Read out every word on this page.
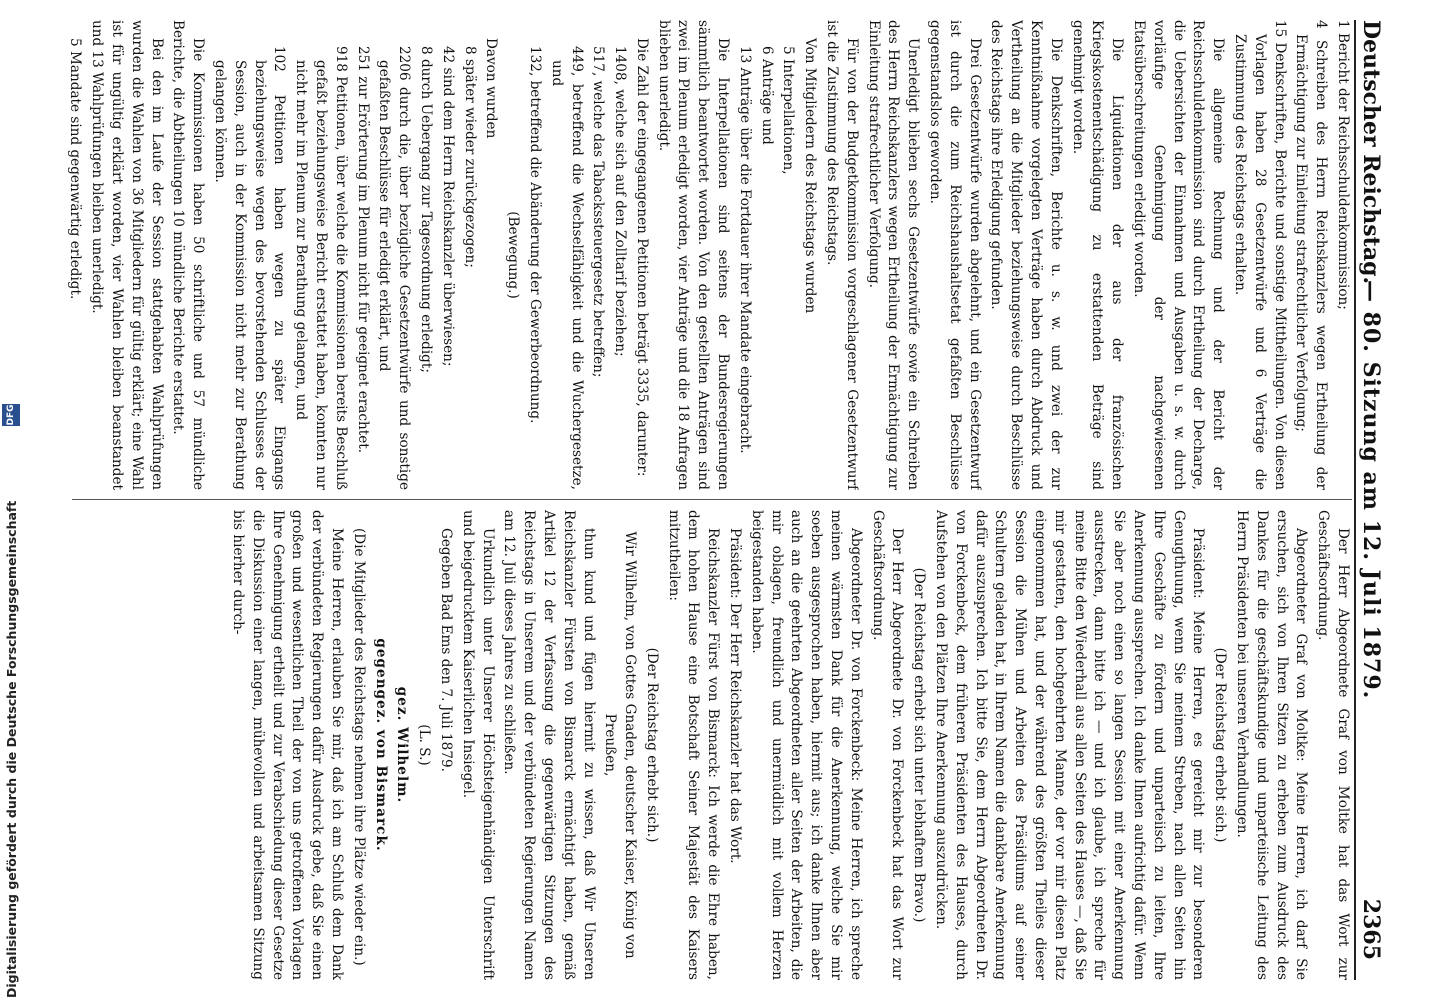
Deutscher Reichstag.
— 80. Sitzung am 12. Juli 1879.
2365

1 Bericht der Reichsschuldenkommission;

4 Schreiben des Herrn Reichskanzlers wegen Ertheilung der Ermächtigung zur Einleitung strafrechtlicher Verfolgung;

15 Denkschriften, Berichte und sonstige Mittheilungen. Von diesen Vorlagen haben 28 Gesetzentwürfe und 6 Verträge die Zustimmung des Reichstags erhalten.

Die allgemeine Rechnung und der Bericht der Reichsschuldenkommission sind durch Ertheilung der Decharge, die Uebersichten der Einnahmen und Ausgaben u. s. w. durch vorläufige Genehmigung der nachgewiesenen Etatsüberschreitungen erledigt worden.

Die Liquidationen der aus der französischen Kriegskostenentschädigung zu erstattenden Beträge sind genehmigt worden.

Die Denkschriften, Berichte u. s. w. und zwei der zur Kenntnißnahme vorgelegten Verträge haben durch Abdruck und Vertheilung an die Mitglieder beziehungsweise durch Beschlüsse des Reichstags ihre Erledigung gefunden.

Drei Gesetzentwürfe wurden abgelehnt, und ein Gesetzentwurf ist durch die zum Reichshaushaltsetat gefaßten Beschlüsse gegenstandslos geworden.

Unerledigt blieben sechs Gesetzentwürfe sowie ein Schreiben des Herrn Reichskanzlers wegen Ertheilung der Ermächtigung zur Einleitung strafrechtlicher Verfolgung.

Für von der Budgetkommission vorgeschlagener Gesetzentwurf ist die Zustimmung des Reichstags.

Von Mitgliedern des Reichstags wurden

5 Interpellationen,

6 Anträge und

13 Anträge über die Fortdauer ihrer Mandate eingebracht.

Die Interpellationen sind seitens der Bundesregierungen sämmtlich beantwortet worden. Von den gestellten Anträgen sind zwei im Plenum erledigt worden, vier Anträge und die 18 Anfragen blieben unerledigt.

Die Zahl der eingegangenen Petitionen beträgt 3335, darunter:

1408, welche sich auf den Zolltarif beziehen;

517, welche das Tabackssteuergesetz betreffen;

449, betreffend die Wechselfähigkeit und die Wuchergesetze, und

132, betreffend die Abänderung der Gewerbeordnung.

(Bewegung.)

Davon wurden

8 später wieder zurückgezogen;

42 sind dem Herrn Reichskanzler überwiesen;

8 durch Uebergang zur Tagesordnung erledigt;

2206 durch die, über bezügliche Gesetzentwürfe und sonstige gefaßten Beschlüsse für erledigt erklärt, und

251 zur Erörterung im Plenum nicht für geeignet erachtet.

918 Petitionen, über welche die Kommissionen bereits Beschluß gefaßt beziehungsweise Bericht erstattet haben, konnten nur nicht mehr im Plenum zur Berathung gelangen, und

102 Petitionen haben wegen zu später Eingangs beziehungsweise wegen des bevorstehenden Schlusses der Session, auch in der Kommission nicht mehr zur Berathung gelangen können.

Die Kommissionen haben 50 schriftliche und 57 mündliche Berichte, die Abtheilungen 10 mündliche Berichte erstattet.

Bei den im Laufe der Session stattgehabten Wahlprüfungen wurden die Wahlen von 36 Mitgliedern für gültig erklärt; eine Wahl ist für ungültig erklärt worden, vier Wahlen bleiben beanstandet und 13 Wahlprüfungen bleiben unerledigt.

5 Mandate sind gegenwärtig erledigt.

Der Herr Abgeordnete Graf von Moltke hat das Wort zur Geschäftsordnung.

Abgeordneter Graf von Moltke: Meine Herren, ich darf Sie ersuchen, sich von Ihren Sitzen zu erheben zum Ausdruck des Dankes für die geschäftskundige und unparteiische Leitung des Herrn Präsidenten bei unseren Verhandlungen.

(Der Reichstag erhebt sich.)

Präsident: Meine Herren, es gereicht mir zur besonderen Genugthuung, wenn Sie meinem Streben, nach allen Seiten hin Ihre Geschäfte zu fördern und unparteiisch zu leiten, Ihre Anerkennung aussprechen. Ich danke Ihnen aufrichtig dafür. Wenn Sie aber noch einen so langen Session mit einer Anerkennung ausstrecken, dann bitte ich — und ich glaube, ich spreche für meine Bitte den Wiederhall aus allen Seiten des Hauses —, daß Sie mir gestatten, den hochgeehrten Manne, der vor mir diesen Platz eingenommen hat, und der während des größten Theiles dieser Session die Mühen und Arbeiten des Präsidiums auf seiner Schultern geladen hat, in Ihrem Namen die dankbare Anerkennung dafür auszusprechen. Ich bitte Sie, dem Herrn Abgeordneten Dr. von Forckenbeck, dem früheren Präsidenten des Hauses, durch Aufstehen von den Plätzen Ihre Anerkennung auszudrücken.

(Der Reichstag erhebt sich unter lebhaftem Bravo.)

Der Herr Abgeordnete Dr. von Forckenbeck hat das Wort zur Geschäftsordnung.

Abgeordneter Dr. von Forckenbeck: Meine Herren, ich spreche meinen wärmsten Dank für die Anerkennung, welche Sie mir soeben ausgesprochen haben, hiermit aus; ich danke Ihnen aber auch an die geehrten Abgeordneten aller Seiten der Arbeiten, die mir oblagen, freundlich und unermüdlich mit vollem Herzen beigestanden haben.

Präsident: Der Herr Reichskanzler hat das Wort.

Reichskanzler Fürst von Bismarck: Ich werde die Ehre haben, dem hohen Hause eine Botschaft Seiner Majestät des Kaisers mitzutheilen:

(Der Reichstag erhebt sich.)

Wir Wilhelm, von Gottes Gnaden, deutscher Kaiser, König von Preußen,

thun kund und fügen hiermit zu wissen, daß Wir Unseren Reichskanzler Fürsten von Bismarck ermächtigt haben, gemäß Artikel 12 der Verfassung die gegenwärtigen Sitzungen des Reichstags in Unserem und der verbündeten Regierungen Namen am 12. Juli dieses Jahres zu schließen.

Urkundlich unter Unserer Höchsteigenhändigen Unterschrift und beigedrucktem Kaiserlichen Insiegel.

Gegeben Bad Ems den 7. Juli 1879.

(L. S.)

gez. Wilhelm.

gegengez. von Bismarck.

(Die Mitglieder des Reichstags nehmen ihre Plätze wieder ein.)

Meine Herren, erlauben Sie mir, daß ich am Schluß dem Dank der verbündeten Regierungen dafür Ausdruck gebe, daß Sie einen großen und wesentlichen Theil der von uns getroffenen Vorlagen Ihre Genehmigung ertheilt und zur Verabschiedung dieser Gesetze die Diskussion einer langen, mühevollen und arbeitsamen Sitzung bis hierher durch-

Digitalisierung gefördert durch die Deutsche Forschungsgemeinschaft
DFG
